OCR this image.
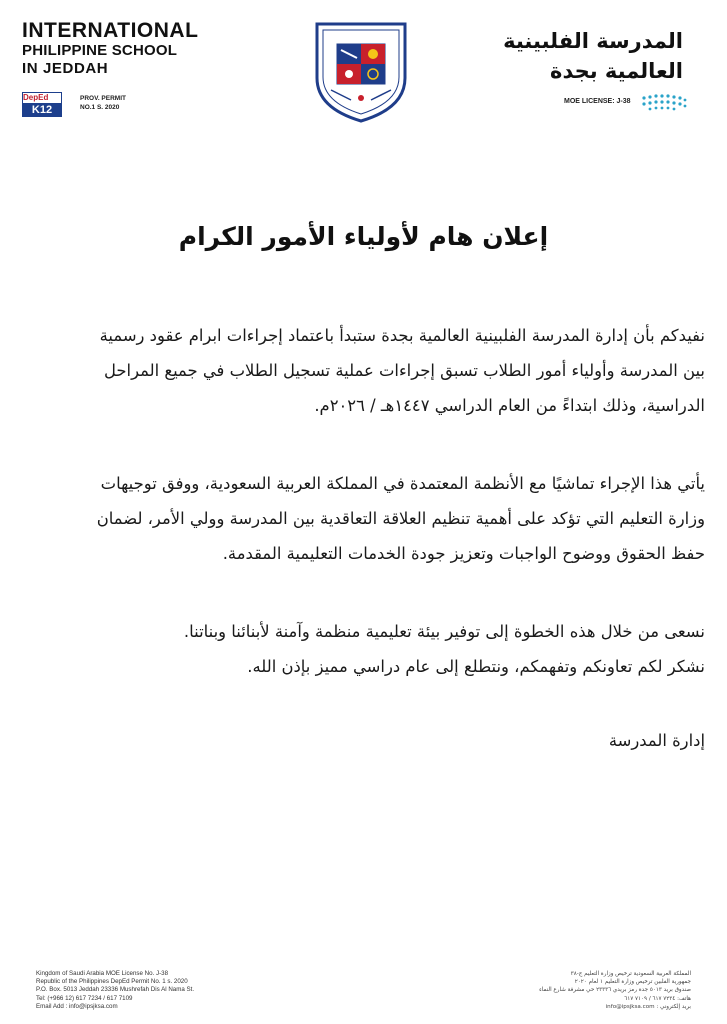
INTERNATIONAL
PHILIPPINE SCHOOL
IN JEDDAH
DepEd
K12
PROV. PERMIT
NO.1 S. 2020
المدرسة الفلبينية
العالمية بجدة
MOE LICENSE: J-38
إعلان هام لأولياء الأمور الكرام
نفيدكم بأن إدارة المدرسة الفلبينية العالمية بجدة ستبدأ باعتماد إجراءات ابرام عقود رسمية
بين المدرسة وأولياء أمور الطلاب تسبق إجراءات عملية تسجيل الطلاب في جميع المراحل
الدراسية، وذلك ابتداءً من العام الدراسي ١٤٤٧هـ / ٢٠٢٦م.
يأتي هذا الإجراء تماشيًا مع الأنظمة المعتمدة في المملكة العربية السعودية، ووفق توجيهات
وزارة التعليم التي تؤكد على أهمية تنظيم العلاقة التعاقدية بين المدرسة وولي الأمر، لضمان
حفظ الحقوق ووضوح الواجبات وتعزيز جودة الخدمات التعليمية المقدمة.
نسعى من خلال هذه الخطوة إلى توفير بيئة تعليمية منظمة وآمنة لأبنائنا وبناتنا.
نشكر لكم تعاونكم وتفهمكم، ونتطلع إلى عام دراسي مميز بإذن الله.
إدارة المدرسة
Kingdom of Saudi Arabia MOE License No. J-38
Republic of the Philippines DepEd Permit No. 1 s. 2020
P.O. Box. 5013 Jeddah 23336 Mushrefah Dis Al Nama St.
Tel: (+966 12) 617 7234 / 617 7109
Email Add : info@ipsjksa.com
المملكة العربية السعودية ترخيص وزارة التعليم ج-٣٨
جمهورية الفلبين ترخيص وزارة التعليم ١ لعام ٢٠٢٠
صندوق بريد ٥٠١٣ جدة رمز بريدي ٢٣٣٣٦ حي مشرفة شارع النماء
هاتف: ٧٢٣٤ ٦١٧ / ٧١٠٩ ٦١٧
بريد إلكتروني : info@ipsjksa.com
